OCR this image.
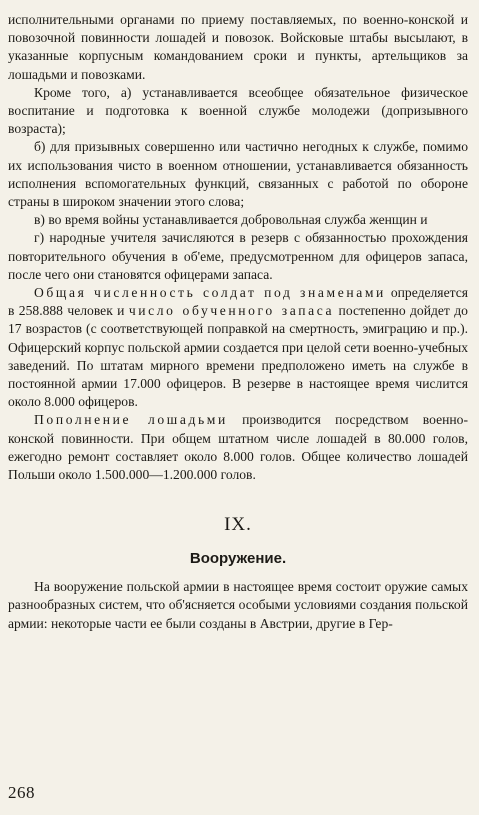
исполнительными органами по приему поставляемых, по военно-конской и повозочной повинности лошадей и повозок. Войсковые штабы высылают, в указанные корпусным командованием сроки и пункты, артельщиков за лошадьми и повозками.

Кроме того, а) устанавливается всеобщее обязательное физическое воспитание и подготовка к военной службе молодежи (допризывного возраста);

б) для призывных совершенно или частично негодных к службе, помимо их использования чисто в военном отношении, устанавливается обязанность исполнения вспомогательных функций, связанных с работой по обороне страны в широком значении этого слова;

в) во время войны устанавливается добровольная служба женщин и

г) народные учителя зачисляются в резерв с обязанностью прохождения повторительного обучения в об'еме, предусмотренном для офицеров запаса, после чего они становятся офицерами запаса.

Общая численность солдат под знаменами определяется в 258.888 человек и число обученного запаса постепенно дойдет до 17 возрастов (с соответствующей поправкой на смертность, эмиграцию и пр.). Офицерский корпус польской армии создается при целой сети военно-учебных заведений. По штатам мирного времени предположено иметь на службе в постоянной армии 17.000 офицеров. В резерве в настоящее время числится около 8.000 офицеров.

Пополнение лошадьми производится посредством военно-конской повинности. При общем штатном числе лошадей в 80.000 голов, ежегодно ремонт составляет около 8.000 голов. Общее количество лошадей Польши около 1.500.000—1.200.000 голов.

IX.
Вооружение.

На вооружение польской армии в настоящее время состоит оружие самых разнообразных систем, что об'ясняется особыми условиями создания польской армии: некоторые части ее были созданы в Австрии, другие в Гер-

268
